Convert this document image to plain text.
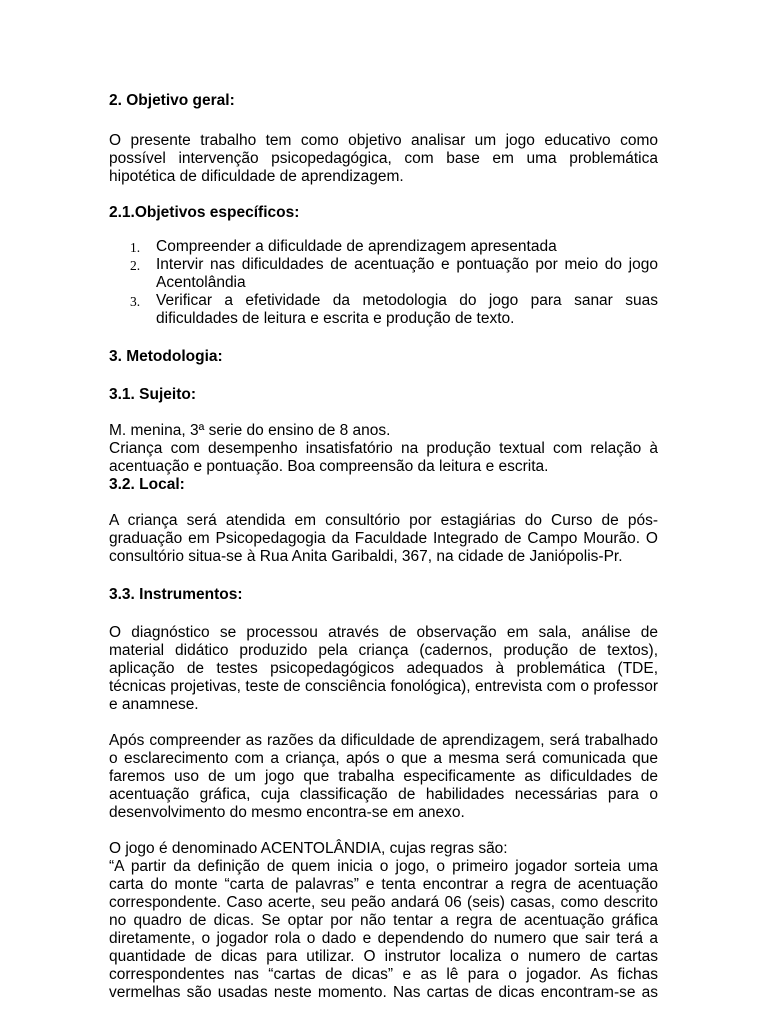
2. Objetivo geral:
O presente trabalho tem como objetivo analisar um jogo educativo como
possível intervenção psicopedagógica, com base em uma problemática
hipotética de dificuldade de aprendizagem.
2.1.Objetivos específicos:
1. Compreender a dificuldade de aprendizagem apresentada
2. Intervir nas dificuldades de acentuação e pontuação por meio do jogo
Acentolândia
3. Verificar a efetividade da metodologia do jogo para sanar suas
dificuldades de leitura e escrita e produção de texto.
3. Metodologia:
3.1. Sujeito:
M. menina, 3ª serie do ensino de 8 anos.
Criança com desempenho insatisfatório na produção textual com relação à
acentuação e pontuação. Boa compreensão da leitura e escrita.
3.2. Local:
A criança será atendida em consultório por estagiárias do Curso de pós-
graduação em Psicopedagogia da Faculdade Integrado de Campo Mourão. O
consultório situa-se à Rua Anita Garibaldi, 367, na cidade de Janiópolis-Pr.
3.3. Instrumentos:
O diagnóstico se processou através de observação em sala, análise de
material didático produzido pela criança (cadernos, produção de textos),
aplicação de testes psicopedagógicos adequados à problemática (TDE,
técnicas projetivas, teste de consciência fonológica), entrevista com o professor
e anamnese.
Após compreender as razões da dificuldade de aprendizagem, será trabalhado
o esclarecimento com a criança, após o que a mesma será comunicada que
faremos uso de um jogo que trabalha especificamente as dificuldades de
acentuação gráfica, cuja classificação de habilidades necessárias para o
desenvolvimento do mesmo encontra-se em anexo.
O jogo é denominado ACENTOLÂNDIA, cujas regras são:
“A partir da definição de quem inicia o jogo, o primeiro jogador sorteia uma
carta do monte “carta de palavras” e tenta encontrar a regra de acentuação
correspondente. Caso acerte, seu peão andará 06 (seis) casas, como descrito
no quadro de dicas. Se optar por não tentar a regra de acentuação gráfica
diretamente, o jogador rola o dado e dependendo do numero que sair terá a
quantidade de dicas para utilizar. O instrutor localiza o numero de cartas
correspondentes nas “cartas de dicas” e as lê para o jogador. As fichas
vermelhas são usadas neste momento. Nas cartas de dicas encontram-se as
